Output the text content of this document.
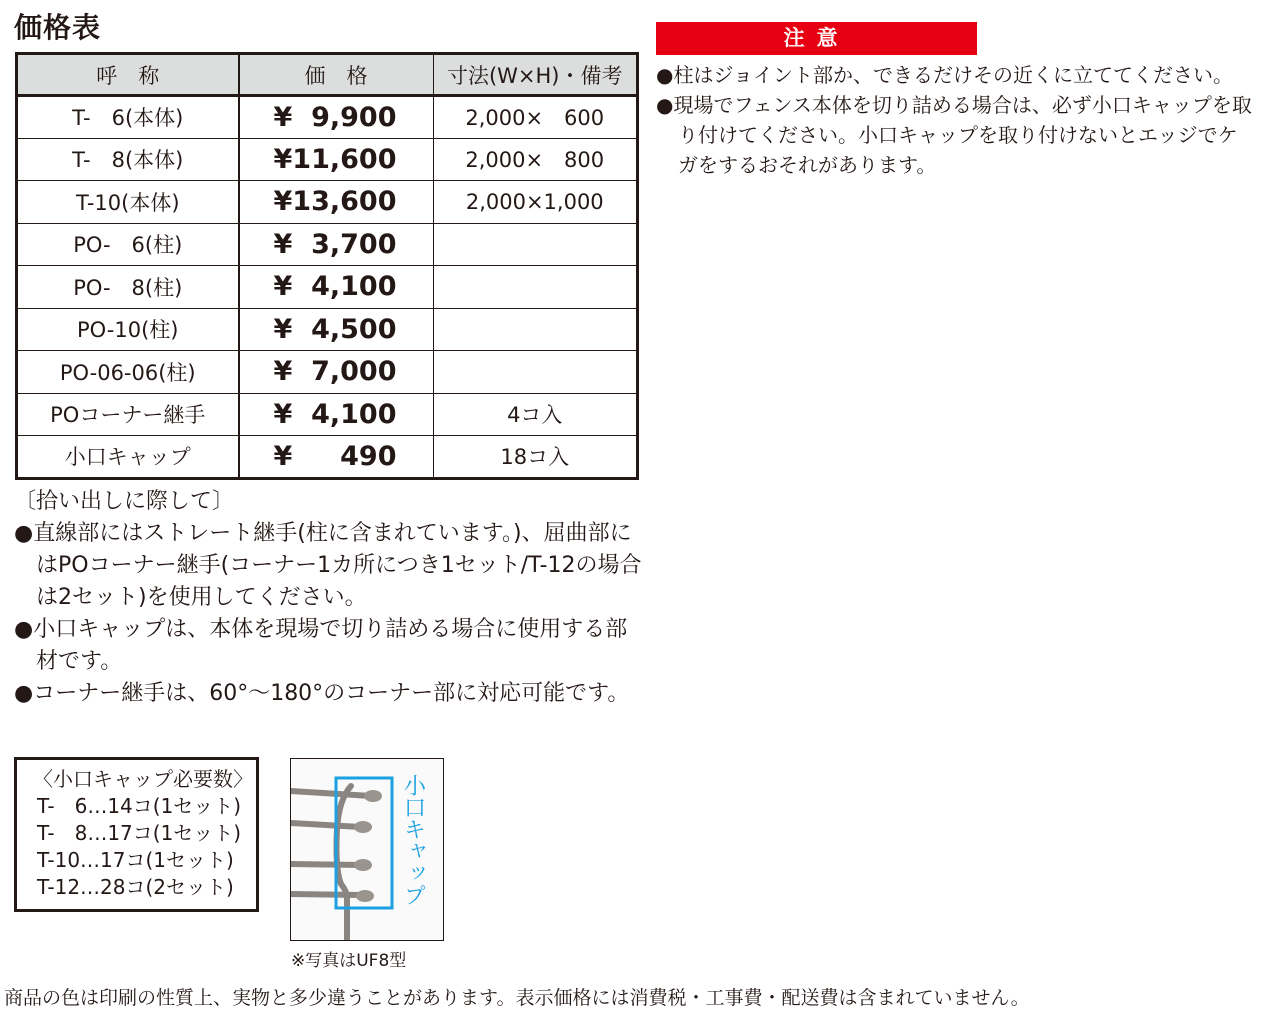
価格表
呼　称	価　格	寸法(W×H)・備考
T-　6(本体)	¥ 9,900	2,000×　600
T-　8(本体)	¥ 11,600	2,000×　800
T-10(本体)	¥ 13,600	2,000×1,000
PO-　6(柱)	¥ 3,700	

PO-　8(柱)	¥ 4,100	

PO-10(柱)	¥ 4,500	

PO-06-06(柱)	¥ 7,000	

POコーナー継手	¥ 4,100	4コ入
小口キャップ	¥ 490	18コ入
〔拾い出しに際して〕
●直線部にはストレート継手(柱に含まれています。)、屈曲部にはPOコーナー継手(コーナー1カ所につき1セット/T-12の場合は2セット)を使用してください。
●小口キャップは、本体を現場で切り詰める場合に使用する部材です。
●コーナー継手は、60°〜180°のコーナー部に対応可能です。
注意
●柱はジョイント部か、できるだけその近くに立ててください。
●現場でフェンス本体を切り詰める場合は、必ず小口キャップを取り付けてください。小口キャップを取り付けないとエッジでケガをするおそれがあります。
〈小口キャップ必要数〉
T-　6…14コ(1セット)
T-　8…17コ(1セット)
T-10…17コ(1セット)
T-12…28コ(2セット)	小口キャップ
※写真はUF8型
商品の色は印刷の性質上、実物と多少違うことがあります。表示価格には消費税・工事費・配送費は含まれていません。
